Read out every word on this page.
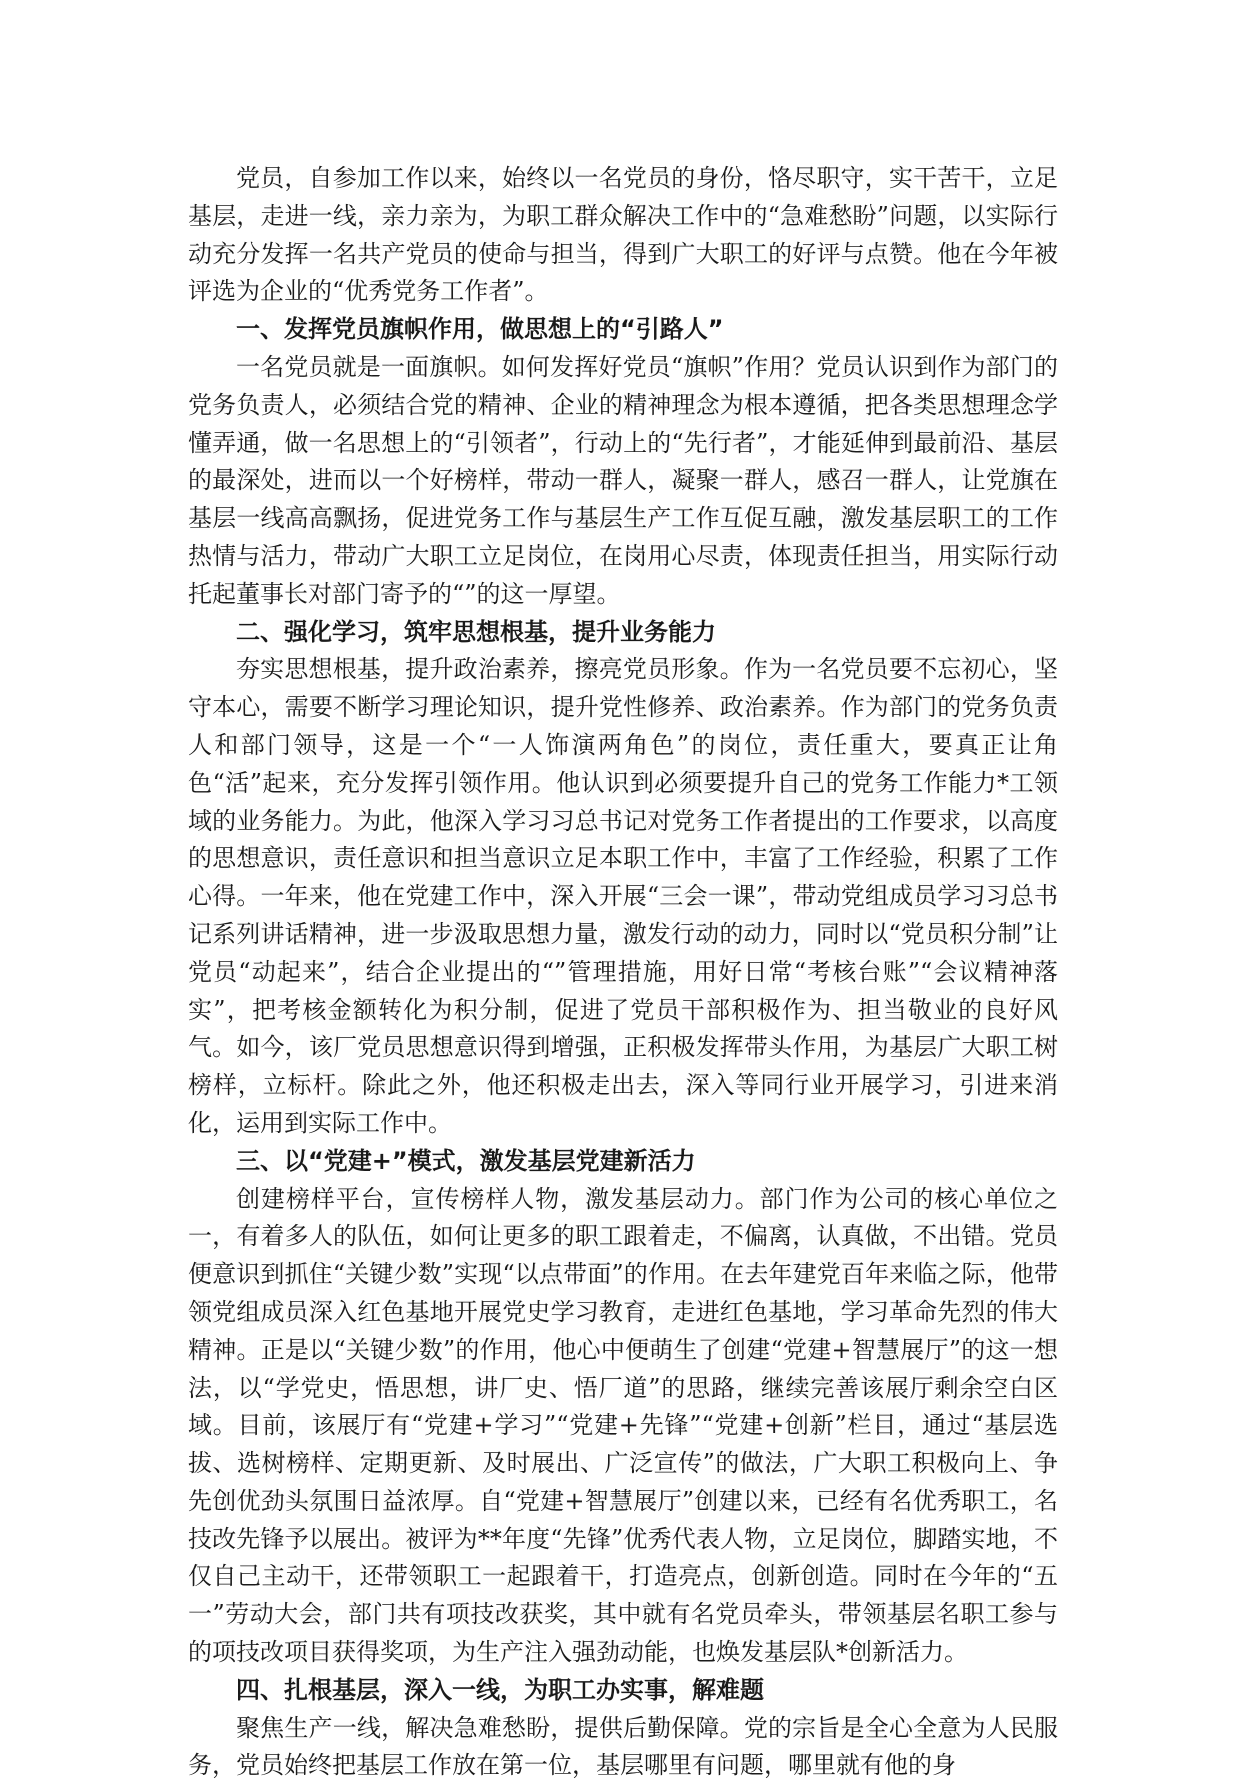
党员，自参加工作以来，始终以一名党员的身份，恪尽职守，实干苦干，立足基层，走进一线，亲力亲为，为职工群众解决工作中的“急难愁盼”问题，以实际行动充分发挥一名共产党员的使命与担当，得到广大职工的好评与点赞。他在今年被评选为企业的“优秀党务工作者”。

一、发挥党员旗帜作用，做思想上的“引路人”

一名党员就是一面旗帜。如何发挥好党员“旗帜”作用？党员认识到作为部门的党务负责人，必须结合党的精神、企业的精神理念为根本遵循，把各类思想理念学懂弄通，做一名思想上的“引领者”，行动上的“先行者”，才能延伸到最前沿、基层的最深处，进而以一个好榜样，带动一群人，凝聚一群人，感召一群人，让党旗在基层一线高高飘扬，促进党务工作与基层生产工作互促互融，激发基层职工的工作热情与活力，带动广大职工立足岗位，在岗用心尽责，体现责任担当，用实际行动托起董事长对部门寄予的“”的这一厚望。

二、强化学习，筑牢思想根基，提升业务能力

夯实思想根基，提升政治素养，擦亮党员形象。作为一名党员要不忘初心，坚守本心，需要不断学习理论知识，提升党性修养、政治素养。作为部门的党务负责人和部门领导，这是一个“一人饰演两角色”的岗位，责任重大，要真正让角色“活”起来，充分发挥引领作用。他认识到必须要提升自己的党务工作能力*工领域的业务能力。为此，他深入学习习总书记对党务工作者提出的工作要求，以高度的思想意识，责任意识和担当意识立足本职工作中，丰富了工作经验，积累了工作心得。一年来，他在党建工作中，深入开展“三会一课”，带动党组成员学习习总书记系列讲话精神，进一步汲取思想力量，激发行动的动力，同时以“党员积分制”让党员“动起来”，结合企业提出的“”管理措施，用好日常“考核台账”“会议精神落实”，把考核金额转化为积分制，促进了党员干部积极作为、担当敬业的良好风气。如今，该厂党员思想意识得到增强，正积极发挥带头作用，为基层广大职工树榜样，立标杆。除此之外，他还积极走出去，深入等同行业开展学习，引进来消化，运用到实际工作中。

三、以“党建+”模式，激发基层党建新活力

创建榜样平台，宣传榜样人物，激发基层动力。部门作为公司的核心单位之一，有着多人的队伍，如何让更多的职工跟着走，不偏离，认真做，不出错。党员便意识到抓住“关键少数”实现“以点带面”的作用。在去年建党百年来临之际，他带领党组成员深入红色基地开展党史学习教育，走进红色基地，学习革命先烈的伟大精神。正是以“关键少数”的作用，他心中便萌生了创建“党建+智慧展厅”的这一想法，以“学党史，悟思想，讲厂史、悟厂道”的思路，继续完善该展厅剩余空白区域。目前，该展厅有“党建+学习”“党建+先锋”“党建+创新”栏目，通过“基层选拔、选树榜样、定期更新、及时展出、广泛宣传”的做法，广大职工积极向上、争先创优劲头氛围日益浓厚。自“党建+智慧展厅”创建以来，已经有名优秀职工，名技改先锋予以展出。被评为**年度“先锋”优秀代表人物，立足岗位，脚踏实地，不仅自己主动干，还带领职工一起跟着干，打造亮点，创新创造。同时在今年的“五一”劳动大会，部门共有项技改获奖，其中就有名党员牵头，带领基层名职工参与的项技改项目获得奖项，为生产注入强劲动能，也焕发基层队*创新活力。

四、扎根基层，深入一线，为职工办实事，解难题

聚焦生产一线，解决急难愁盼，提供后勤保障。党的宗旨是全心全意为人民服务，党员始终把基层工作放在第一位，基层哪里有问题，哪里就有他的身
